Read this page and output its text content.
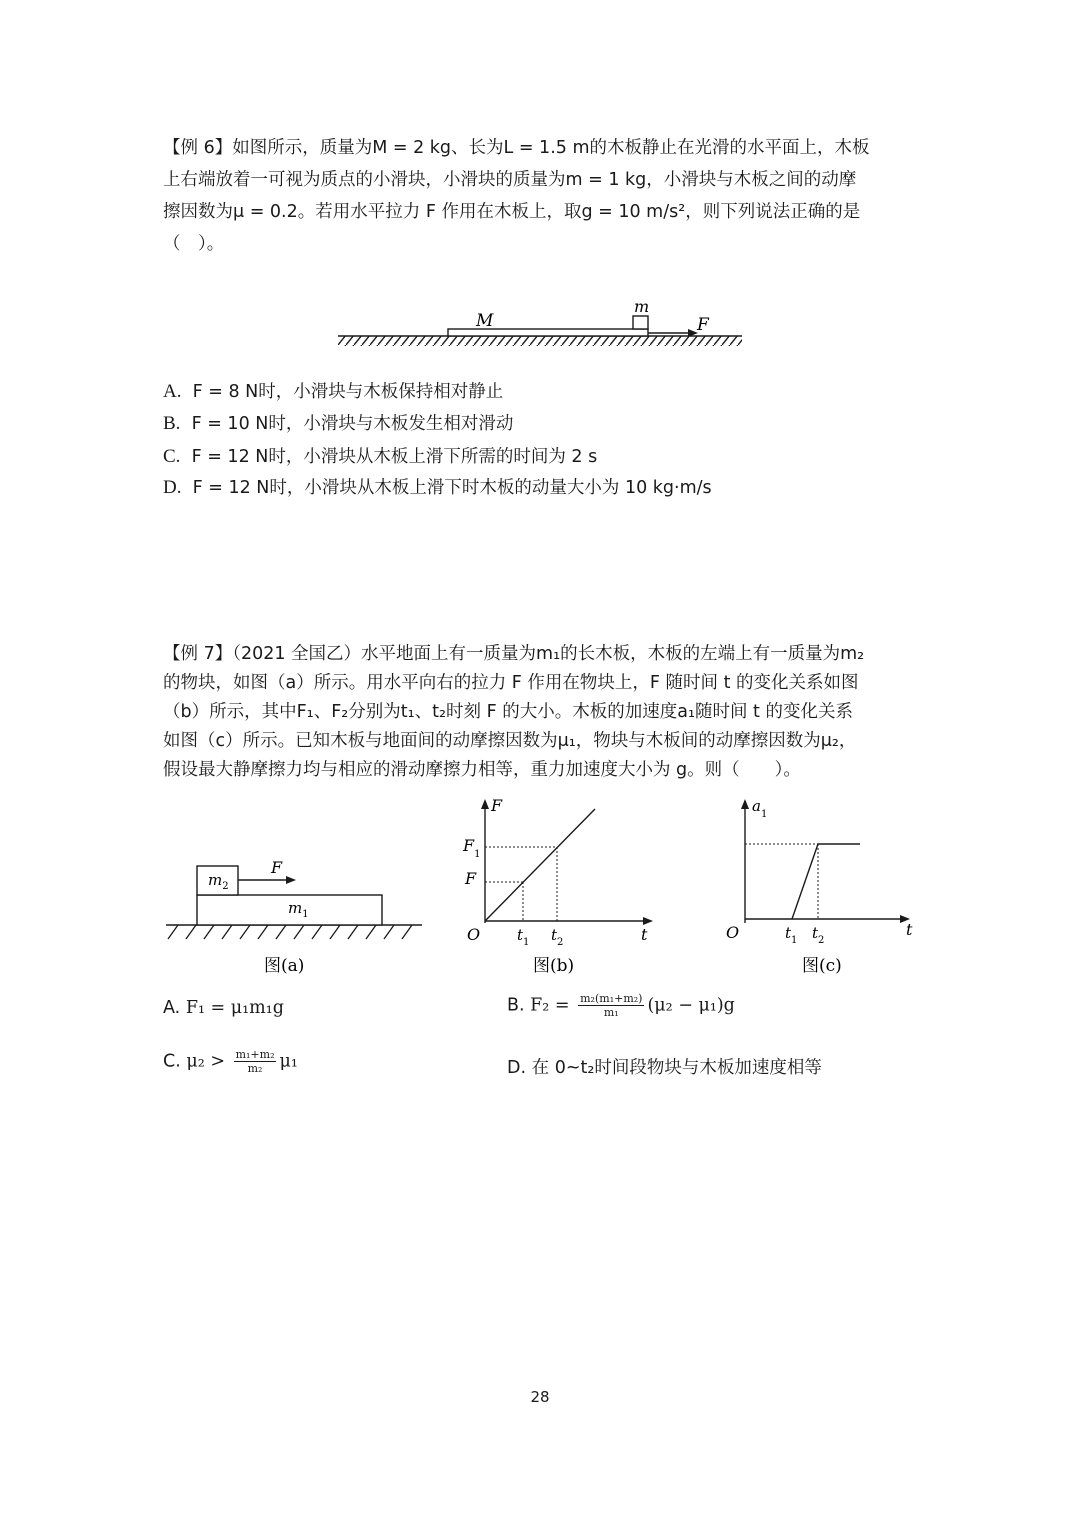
【例 6】如图所示，质量为M = 2 kg、长为L = 1.5 m的木板静止在光滑的水平面上，木板
上右端放着一可视为质点的小滑块，小滑块的质量为m = 1 kg，小滑块与木板之间的动摩
擦因数为μ = 0.2。若用水平拉力 F 作用在木板上，取g = 10 m/s²，则下列说法正确的是
（　）。
M
m
F
A. F = 8 N时，小滑块与木板保持相对静止
B. F = 10 N时，小滑块与木板发生相对滑动
C. F = 12 N时，小滑块从木板上滑下所需的时间为 2 s
D. F = 12 N时，小滑块从木板上滑下时木板的动量大小为 10 kg·m/s
【例 7】（2021 全国乙）水平地面上有一质量为m₁的长木板，木板的左端上有一质量为m₂
的物块，如图（a）所示。用水平向右的拉力 F 作用在物块上，F 随时间 t 的变化关系如图
（b）所示，其中F₁、F₂分别为t₁、t₂时刻 F 的大小。木板的加速度a₁随时间 t 的变化关系
如图（c）所示。已知木板与地面间的动摩擦因数为μ₁，物块与木板间的动摩擦因数为μ₂，
假设最大静摩擦力均与相应的滑动摩擦力相等，重力加速度大小为 g。则（　　）。
$m_2$
F
$m_1$
图(a)
F
$F_1$
F
O $t_1$ $t_2$	t
图(b)
$a_1$
O	$t_1$ $t_2$
t
图(c)
A. F₁ = μ₁m₁g	B. $F_2 = \frac{\text{m₂(m₁+m₂)}}{\text{m₁}} (\mu_2 - \mu_1)g$
C. $\mu_2 > \frac{\text{m₁+m₂}}{\text{m₂}} \mu_1$	D. 在 0~t₂时间段物块与木板加速度相等
28
